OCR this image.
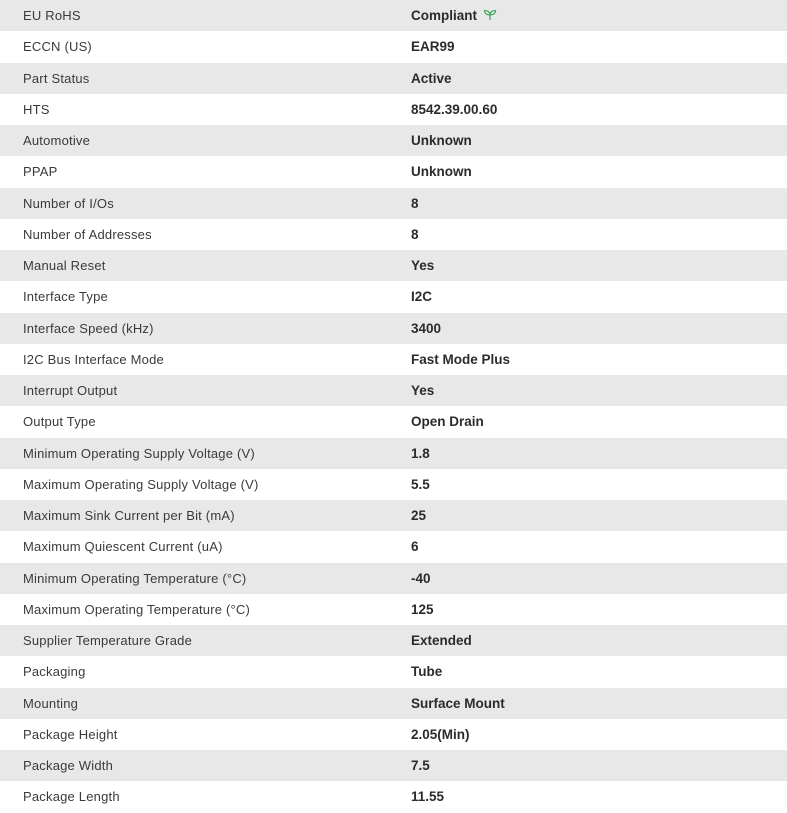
EU RoHS	Compliant
ECCN (US)	EAR99
Part Status	Active
HTS	8542.39.00.60
Automotive	Unknown
PPAP	Unknown
Number of I/Os	8
Number of Addresses	8
Manual Reset	Yes
Interface Type	I2C
Interface Speed (kHz)	3400
I2C Bus Interface Mode	Fast Mode Plus
Interrupt Output	Yes
Output Type	Open Drain
Minimum Operating Supply Voltage (V)	1.8
Maximum Operating Supply Voltage (V)	5.5
Maximum Sink Current per Bit (mA)	25
Maximum Quiescent Current (uA)	6
Minimum Operating Temperature (°C)	-40
Maximum Operating Temperature (°C)	125
Supplier Temperature Grade	Extended
Packaging	Tube
Mounting	Surface Mount
Package Height	2.05(Min)
Package Width	7.5
Package Length	11.55
